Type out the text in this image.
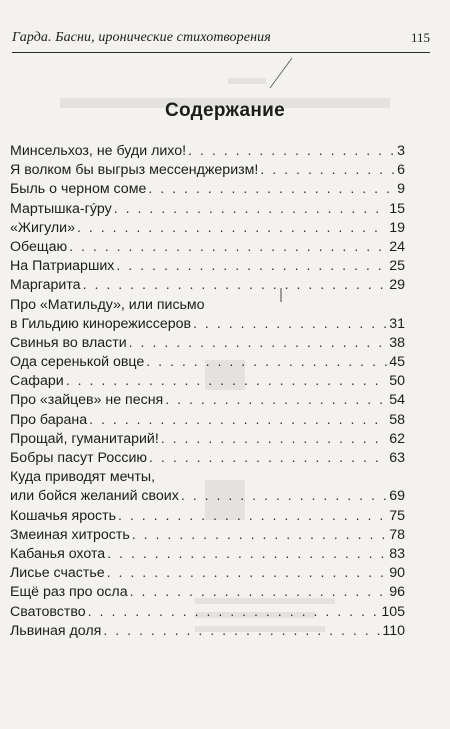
Гарда. Басни, иронические стихотворения	115
Содержание
Минсельхоз, не буди лихо! . . .	3
Я волком бы выгрыз мессенджеризм! . . .	6
Быль о черном соме . . .	9
Мартышка-гýру . . .	15
«Жигули» . . .	19
Обещаю . . .	24
На Патриарших . . .	25
Маргарита . . .	29
Про «Матильду», или письмо
в Гильдию кинорежиссеров . . .	31
Свинья во власти . . .	38
Ода серенькой овце . . .	45
Сафари . . .	50
Про «зайцев» не песня . . .	54
Про барана . . .	58
Прощай, гуманитарий! . . .	62
Бобры пасут Россию . . .	63
Куда приводят мечты,
или бойся желаний своих . . .	69
Кошачья ярость . . .	75
Змеиная хитрость . . .	78
Кабанья охота . . .	83
Лисье счастье . . .	90
Ещё раз про осла . . .	96
Сватовство . . .	105
Львиная доля . . .	110
